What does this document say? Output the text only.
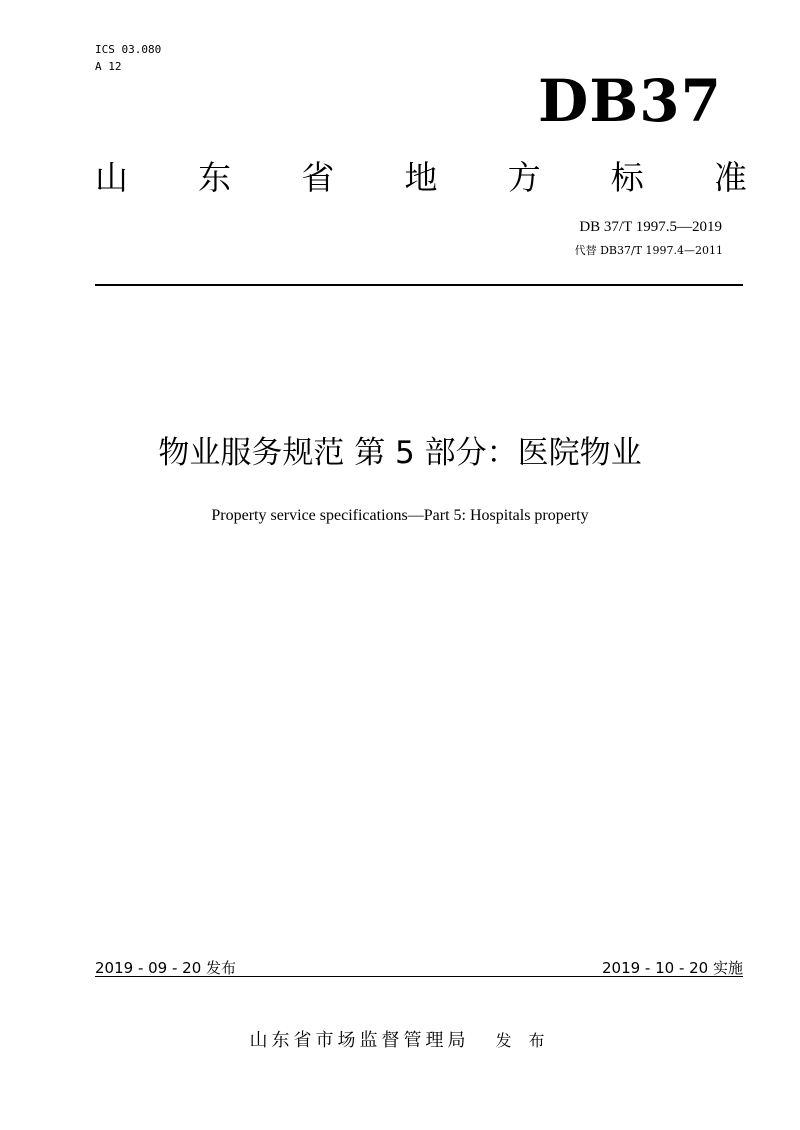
ICS 03.080
A 12
DB37
山 东 省 地 方 标 准
DB 37/T 1997.5—2019
代替 DB37/T 1997.4—2011
物业服务规范 第 5 部分：医院物业
Property service specifications—Part 5: Hospitals property
2019 - 09 - 20 发布	2019 - 10 - 20 实施
山东省市场监督管理局 发 布
